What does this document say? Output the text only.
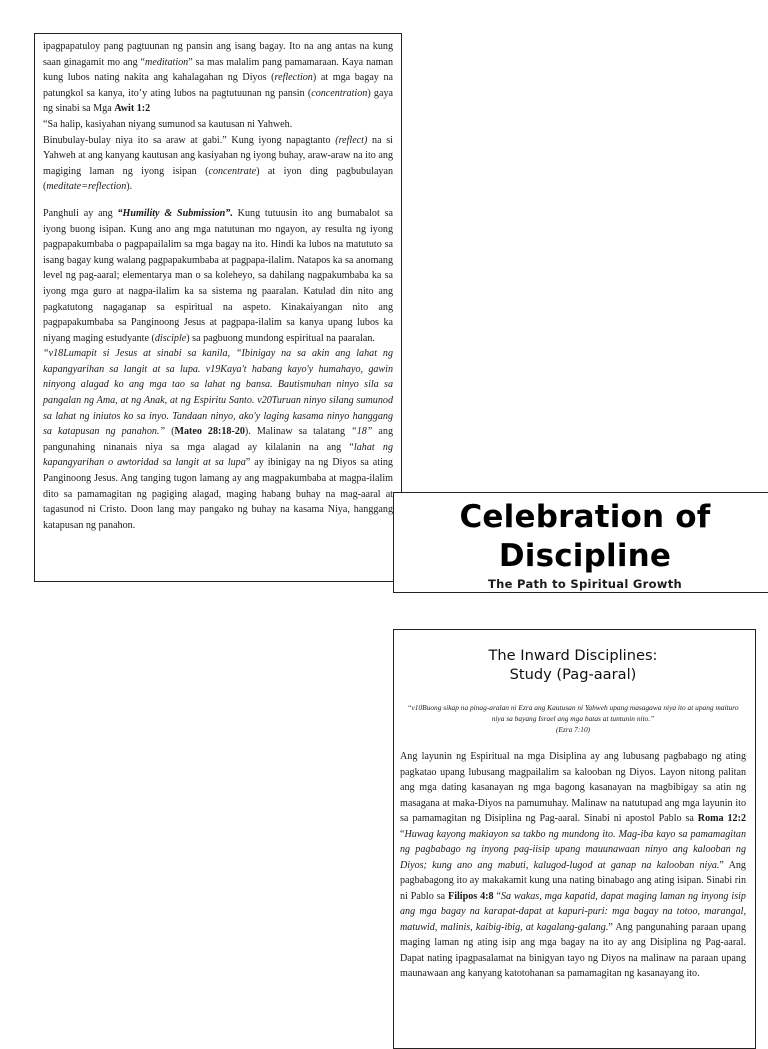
ipagpapatuloy pang pagtuunan ng pansin ang isang bagay. Ito na ang antas na kung saan ginagamit mo ang “meditation” sa mas malalim pang pamamaraan. Kaya naman kung lubos nating nakita ang kahalagahan ng Diyos (reflection) at mga bagay na patungkol sa kanya, ito’y ating lubos na pagtutuunan ng pansin (concentration) gaya ng sinabi sa Mga Awit 1:2

“Sa halip, kasiyahan niyang sumunod sa kautusan ni Yahweh.

Binubulay-bulay niya ito sa araw at gabi.” Kung iyong napagtanto (reflect) na si Yahweh at ang kanyang kautusan ang kasiyahan ng iyong buhay, araw-araw na ito ang magiging laman ng iyong isipan (concentrate) at iyon ding pagbubulayan (meditate=reflection).

Panghuli ay ang “Humility & Submission”. Kung tutuusin ito ang bumabalot sa iyong buong isipan. Kung ano ang mga natutunan mo ngayon, ay resulta ng iyong pagpapakumbaba o pagpapailalim sa mga bagay na ito. Hindi ka lubos na matututo sa isang bagay kung walang pagpapakumbaba at pagpapa-ilalim. Natapos ka sa anomang level ng pag-aaral; elementarya man o sa koleheyo, sa dahilang nagpakumbaba ka sa iyong mga guro at nagpa-ilalim ka sa sistema ng paaralan. Katulad din nito ang pagkatutong nagaganap sa espiritual na aspeto. Kinakaiyangan nito ang pagpapakumbaba sa Panginoong Jesus at pagpapa-ilalim sa kanya upang lubos ka niyang maging estudyante (disciple) sa pagbuong mundong espiritual na paaralan.

“v18Lumapit si Jesus at sinabi sa kanila, “Ibinigay na sa akin ang lahat ng kapangyarihan sa langit at sa lupa. v19Kaya't habang kayo'y humahayo, gawin ninyong alagad ko ang mga tao sa lahat ng bansa. Bautismuhan ninyo sila sa pangalan ng Ama, at ng Anak, at ng Espiritu Santo. v20Turuan ninyo silang sumunod sa lahat ng iniutos ko sa inyo. Tandaan ninyo, ako'y laging kasama ninyo hanggang sa katapusan ng panahon.” (Mateo 28:18-20). Malinaw sa talatang “18” ang pangunahing ninanais niya sa mga alagad ay kilalanin na ang “lahat ng kapangyarihan o awtoridad sa langit at sa lupa” ay ibinigay na ng Diyos sa ating Panginoong Jesus. Ang tanging tugon lamang ay ang magpakumbaba at magpa-ilalim dito sa pamamagitan ng pagiging alagad, maging habang buhay na mag-aaral at tagasunod ni Cristo. Doon lang may pangako ng buhay na kasama Niya, hanggang katapusan ng panahon.	Celebration of
Discipline
The Path to Spiritual Growth
The Inward Disciplines:
Study (Pag-aaral)
“v10Buong sikap na pinag-aralan ni Ezra ang Kautusan ni Yahweh upang masagawa niya ito at upang maituro niya sa bayang Israel ang mga batas at tuntunin nito.”
(Ezra 7:10)

Ang layunin ng Espiritual na mga Disiplina ay ang lubusang pagbabago ng ating pagkatao upang lubusang magpailalim sa kalooban ng Diyos. Layon nitong palitan ang mga dating kasanayan ng mga bagong kasanayan na magbibigay sa atin ng masagana at maka-Diyos na pamumuhay. Malinaw na natutupad ang mga layunin ito sa pamamagitan ng Disiplina ng Pag-aaral. Sinabi ni apostol Pablo sa Roma 12:2 “Huwag kayong makiayon sa takbo ng mundong ito. Mag-iba kayo sa pamamagitan ng pagbabago ng inyong pag-iisip upang mauunawaan ninyo ang kalooban ng Diyos; kung ano ang mabuti, kalugod-lugod at ganap na kalooban niya.” Ang pagbabagong ito ay makakamit kung una nating binabago ang ating isipan. Sinabi rin ni Pablo sa Filipos 4:8 “Sa wakas, mga kapatid, dapat maging laman ng inyong isip ang mga bagay na karapat-dapat at kapuri-puri: mga bagay na totoo, marangal, matuwid, malinis, kaibig-ibig, at kagalang-galang.” Ang pangunahing paraan upang maging laman ng ating isip ang mga bagay na ito ay ang Disiplina ng Pag-aaral. Dapat nating ipagpasalamat na binigyan tayo ng Diyos na malinaw na paraan upang maunawaan ang kanyang katotohanan sa pamamagitan ng kasanayang ito.
